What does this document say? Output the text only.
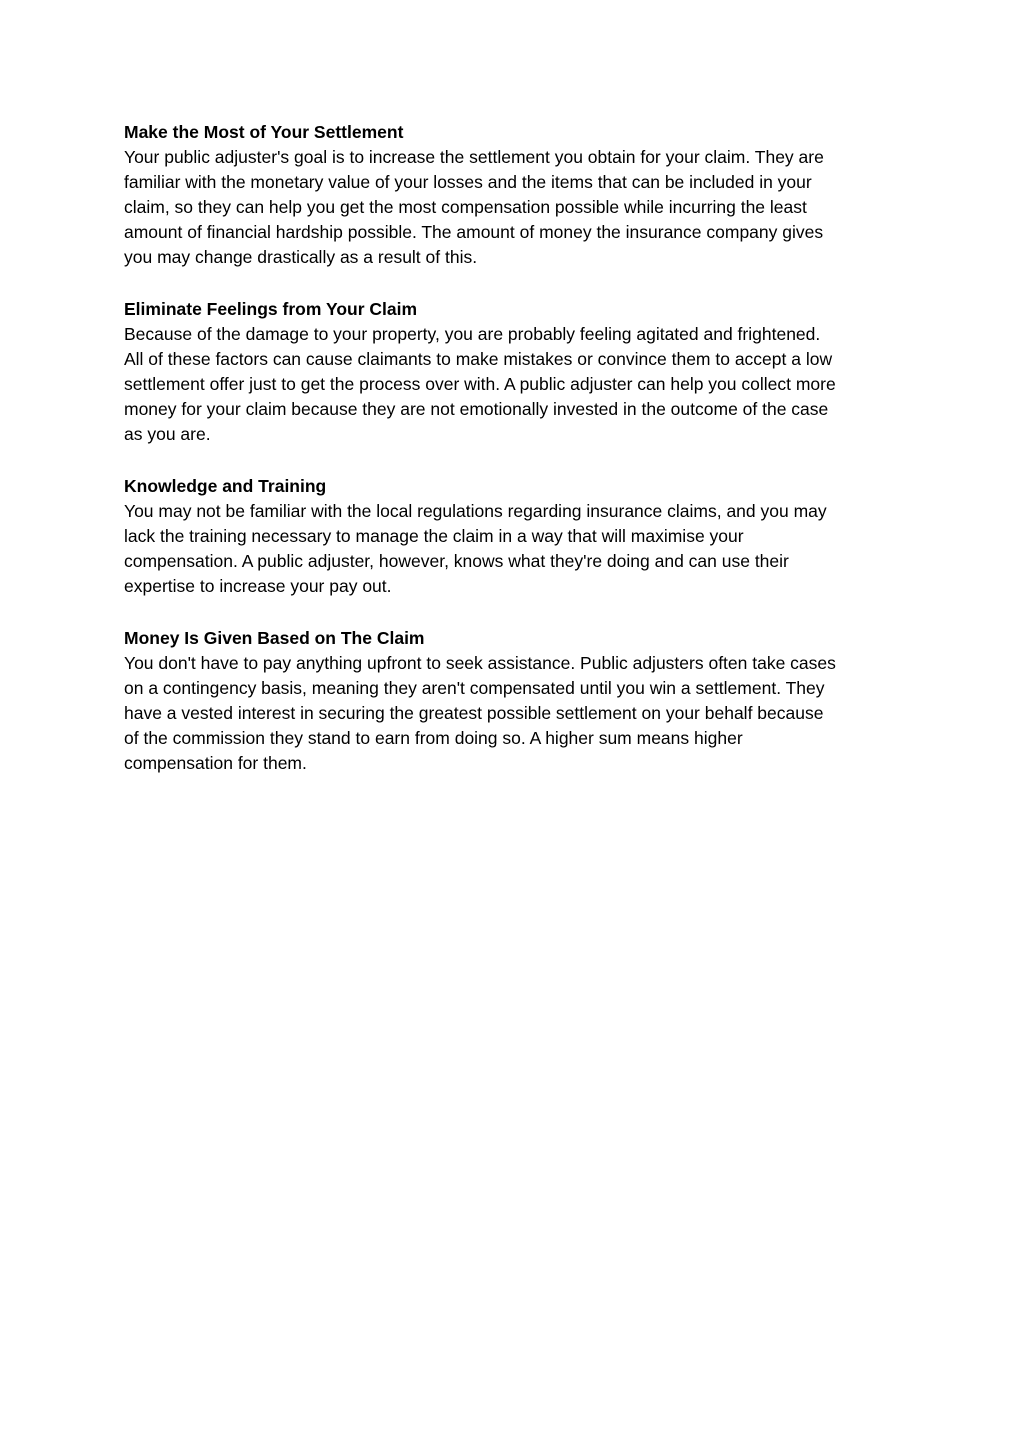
Make the Most of Your Settlement
Your public adjuster's goal is to increase the settlement you obtain for your claim. They are
familiar with the monetary value of your losses and the items that can be included in your
claim, so they can help you get the most compensation possible while incurring the least
amount of financial hardship possible. The amount of money the insurance company gives
you may change drastically as a result of this.
Eliminate Feelings from Your Claim
Because of the damage to your property, you are probably feeling agitated and frightened.
All of these factors can cause claimants to make mistakes or convince them to accept a low
settlement offer just to get the process over with. A public adjuster can help you collect more
money for your claim because they are not emotionally invested in the outcome of the case
as you are.
Knowledge and Training
You may not be familiar with the local regulations regarding insurance claims, and you may
lack the training necessary to manage the claim in a way that will maximise your
compensation. A public adjuster, however, knows what they're doing and can use their
expertise to increase your pay out.
Money Is Given Based on The Claim
You don't have to pay anything upfront to seek assistance. Public adjusters often take cases
on a contingency basis, meaning they aren't compensated until you win a settlement. They
have a vested interest in securing the greatest possible settlement on your behalf because
of the commission they stand to earn from doing so. A higher sum means higher
compensation for them.
